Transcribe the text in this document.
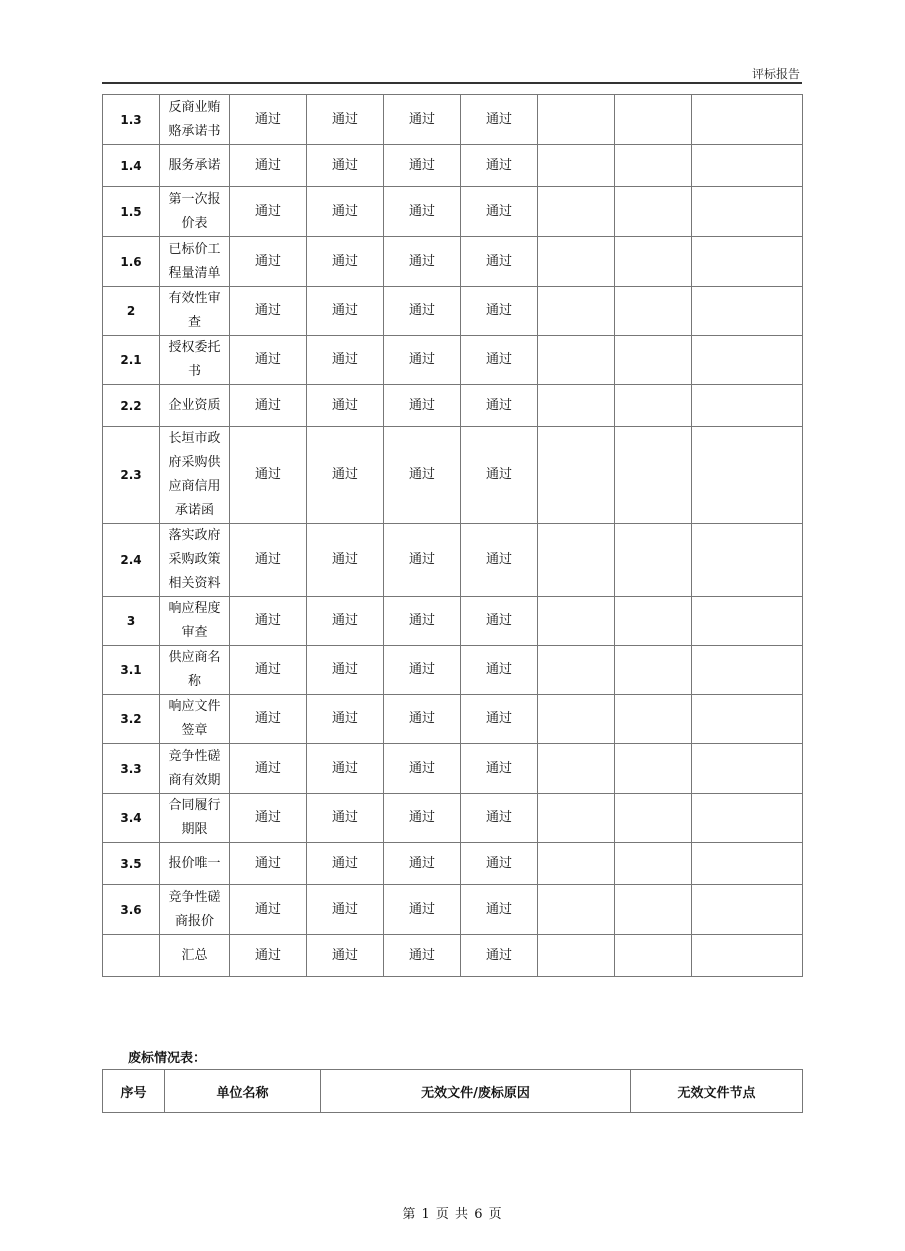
评标报告
1.3	反商业贿赂承诺书	通过	通过	通过	通过			
1.4	服务承诺	通过	通过	通过	通过			
1.5	第一次报价表	通过	通过	通过	通过			
1.6	已标价工程量清单	通过	通过	通过	通过			
2	有效性审查	通过	通过	通过	通过			
2.1	授权委托书	通过	通过	通过	通过			
2.2	企业资质	通过	通过	通过	通过			
2.3	长垣市政府采购供应商信用承诺函	通过	通过	通过	通过			
2.4	落实政府采购政策相关资料	通过	通过	通过	通过			
3	响应程度审查	通过	通过	通过	通过			
3.1	供应商名称	通过	通过	通过	通过			
3.2	响应文件签章	通过	通过	通过	通过			
3.3	竞争性磋商有效期	通过	通过	通过	通过			
3.4	合同履行期限	通过	通过	通过	通过			
3.5	报价唯一	通过	通过	通过	通过			
3.6	竞争性磋商报价	通过	通过	通过	通过			
	汇总	通过	通过	通过	通过			
废标情况表：
序号	单位名称	无效文件/废标原因	无效文件节点
第 1 页 共 6 页
